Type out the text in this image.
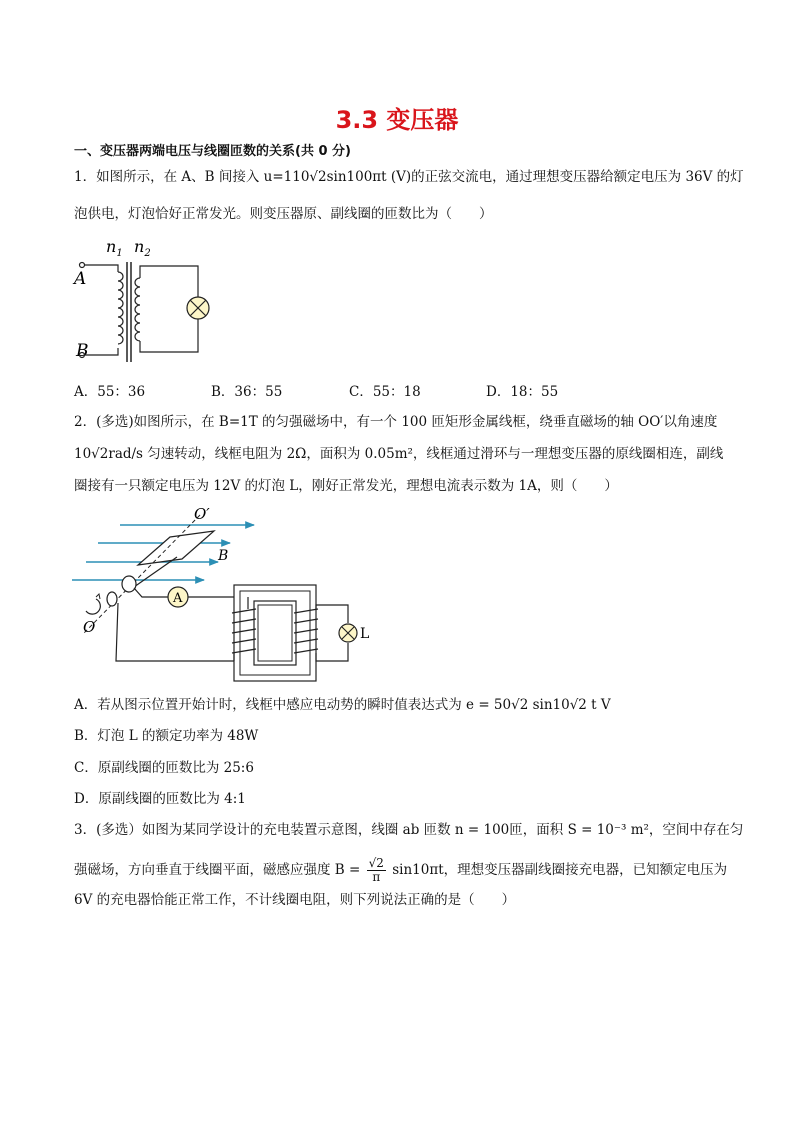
3.3 变压器
一、变压器两端电压与线圈匝数的关系(共 0 分)
1．如图所示，在 A、B 间接入 u=110√2sin100πt (V)的正弦交流电，通过理想变压器给额定电压为 36V 的灯
泡供电，灯泡恰好正常发光。则变压器原、副线圈的匝数比为（　　）
$n_1$ $n_2$
A
B
A．55：36	B．36：55	C．55：18	D．18：55
2．(多选)如图所示，在 B=1T 的匀强磁场中，有一个 100 匝矩形金属线框，绕垂直磁场的轴 OO′以角速度
10√2rad/s 匀速转动，线框电阻为 2Ω，面积为 0.05m²，线框通过滑环与一理想变压器的原线圈相连，副线
圈接有一只额定电压为 12V 的灯泡 L，刚好正常发光，理想电流表示数为 1A，则（　　）
O′
B
O
A
L
A．若从图示位置开始计时，线框中感应电动势的瞬时值表达式为 e = 50√2 sin10√2 t V
B．灯泡 L 的额定功率为 48W
C．原副线圈的匝数比为 25:6
D．原副线圈的匝数比为 4:1
3．(多选）如图为某同学设计的充电装置示意图，线圈 ab 匝数 n = 100匝，面积 S = 10⁻³ m²，空间中存在匀
强磁场，方向垂直于线圈平面，磁感应强度 $B = \frac{√2}{\pi} \sin 10\pi t$，理想变压器副线圈接充电器，已知额定电压为
6V 的充电器恰能正常工作，不计线圈电阻，则下列说法正确的是（　　）
